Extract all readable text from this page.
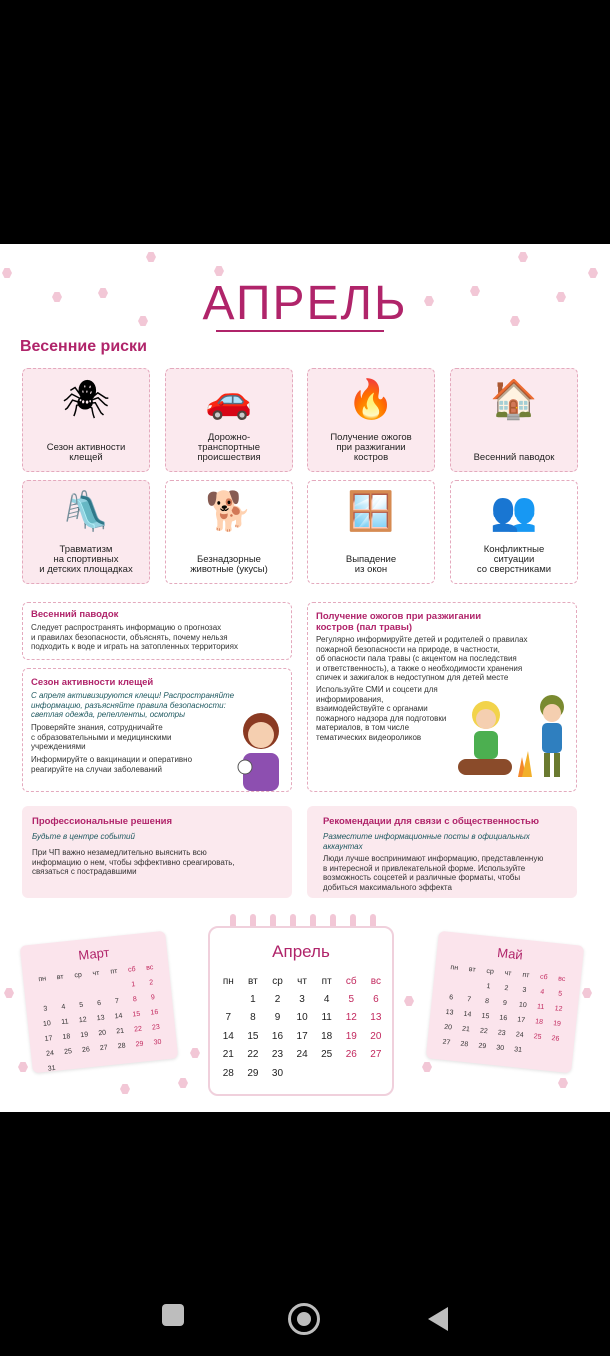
АПРЕЛЬ
Весенние риски
🕷
Сезон активности
клещей
🚗
Дорожно-
транспортные
происшествия
🔥
Получение ожогов
при разжигании
костров
🏠
Весенний паводок
🛝
Травматизм
на спортивных
и детских площадках
🐕
Безнадзорные
животные (укусы)
🪟
Выпадение
из окон
👥
Конфликтные
ситуации
со сверстниками
Весенний паводок
Следует распространять информацию о прогнозах
и правилах безопасности, объяснять, почему нельзя
подходить к воде и играть на затопленных территориях
Сезон активности клещей
С апреля активизируются клещи! Распространяйте
информацию, разъясняйте правила безопасности:
светлая одежда, репелленты, осмотры
Проверяйте знания, сотрудничайте
с образовательными и медицинскими
учреждениями
Информируйте о вакцинации и оперативно
реагируйте на случаи заболеваний
Получение ожогов при разжигании
костров (пал травы)
Регулярно информируйте детей и родителей о правилах
пожарной безопасности на природе, в частности,
об опасности пала травы (с акцентом на последствия
и ответственность), а также о необходимости хранения
спичек и зажигалок в недоступном для детей месте
Используйте СМИ и соцсети для
информирования,
взаимодействуйте с органами
пожарного надзора для подготовки
материалов, в том числе
тематических видеороликов
Профессиональные решения
Будьте в центре событий
При ЧП важно незамедлительно выяснить всю
информацию о нем, чтобы эффективно среагировать,
связаться с пострадавшими
Рекомендации для связи с общественностью
Разместите информационные посты в официальных
аккаунтах
Люди лучше воспринимают информацию, представленную
в интересной и привлекательной форме. Используйте
возможность соцсетей и различные форматы, чтобы
добиться максимального эффекта
Март
пн	вт	ср	чт	пт	сб	вс
					1	2
3	4	5	6	7	8	9
10	11	12	13	14	15	16
17	18	19	20	21	22	23
24	25	26	27	28	29	30
31						
Апрель
пн	вт	ср	чт	пт	сб	вс
	1	2	3	4	5	6
7	8	9	10	11	12	13
14	15	16	17	18	19	20
21	22	23	24	25	26	27
28	29	30				
Май
пн	вт	ср	чт	пт	сб	вс
		1	2	3	4	5
6	7	8	9	10	11	12
13	14	15	16	17	18	19
20	21	22	23	24	25	26
27	28	29	30	31		
